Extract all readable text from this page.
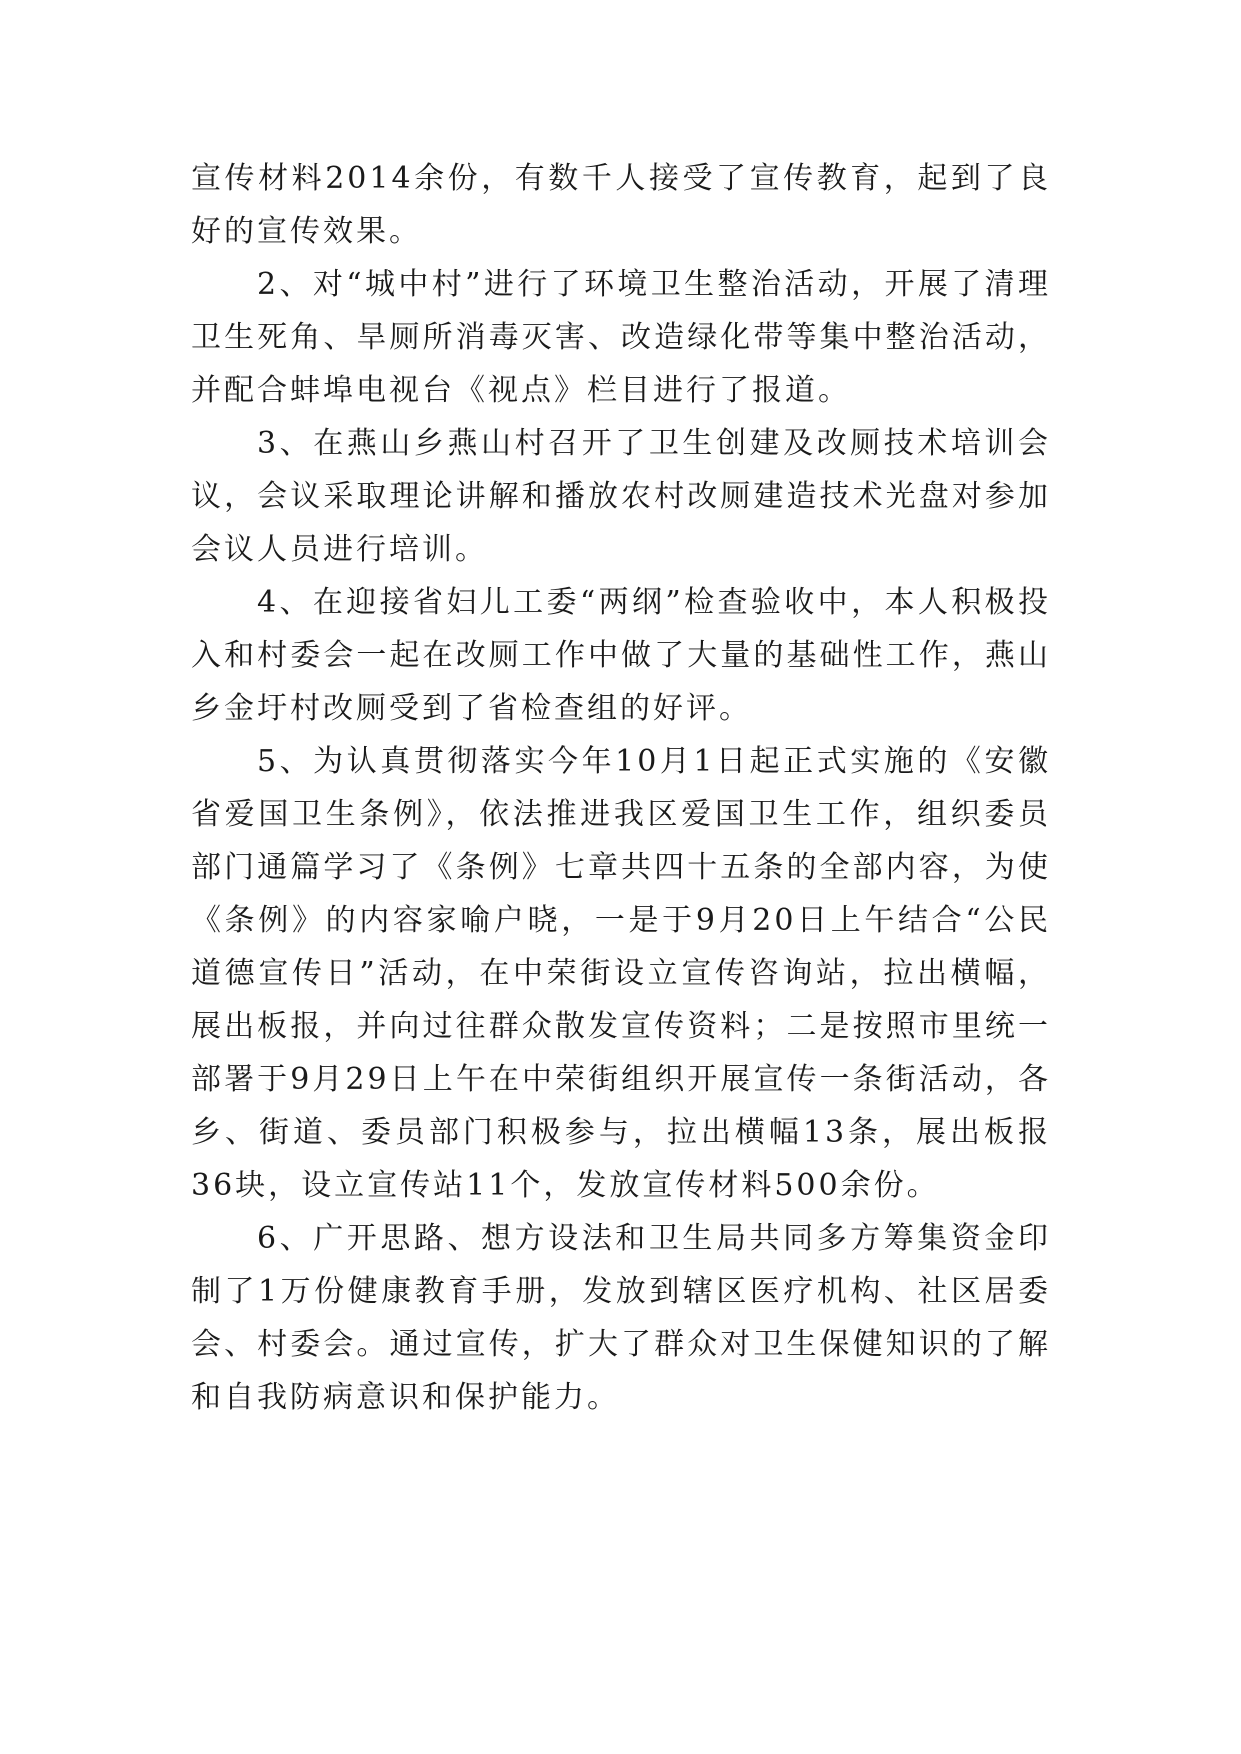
宣传材料2014余份，有数千人接受了宣传教育，起到了良好的宣传效果。

2、对“城中村”进行了环境卫生整治活动，开展了清理卫生死角、旱厕所消毒灭害、改造绿化带等集中整治活动，并配合蚌埠电视台《视点》栏目进行了报道。

3、在燕山乡燕山村召开了卫生创建及改厕技术培训会议，会议采取理论讲解和播放农村改厕建造技术光盘对参加会议人员进行培训。

4、在迎接省妇儿工委“两纲”检查验收中，本人积极投入和村委会一起在改厕工作中做了大量的基础性工作，燕山乡金圩村改厕受到了省检查组的好评。

5、为认真贯彻落实今年10月1日起正式实施的《安徽省爱国卫生条例》，依法推进我区爱国卫生工作，组织委员部门通篇学习了《条例》七章共四十五条的全部内容，为使《条例》的内容家喻户晓，一是于9月20日上午结合“公民道德宣传日”活动，在中荣街设立宣传咨询站，拉出横幅，展出板报，并向过往群众散发宣传资料；二是按照市里统一部署于9月29日上午在中荣街组织开展宣传一条街活动，各乡、街道、委员部门积极参与，拉出横幅13条，展出板报36块，设立宣传站11个，发放宣传材料500余份。

6、广开思路、想方设法和卫生局共同多方筹集资金印制了1万份健康教育手册，发放到辖区医疗机构、社区居委会、村委会。通过宣传，扩大了群众对卫生保健知识的了解和自我防病意识和保护能力。
